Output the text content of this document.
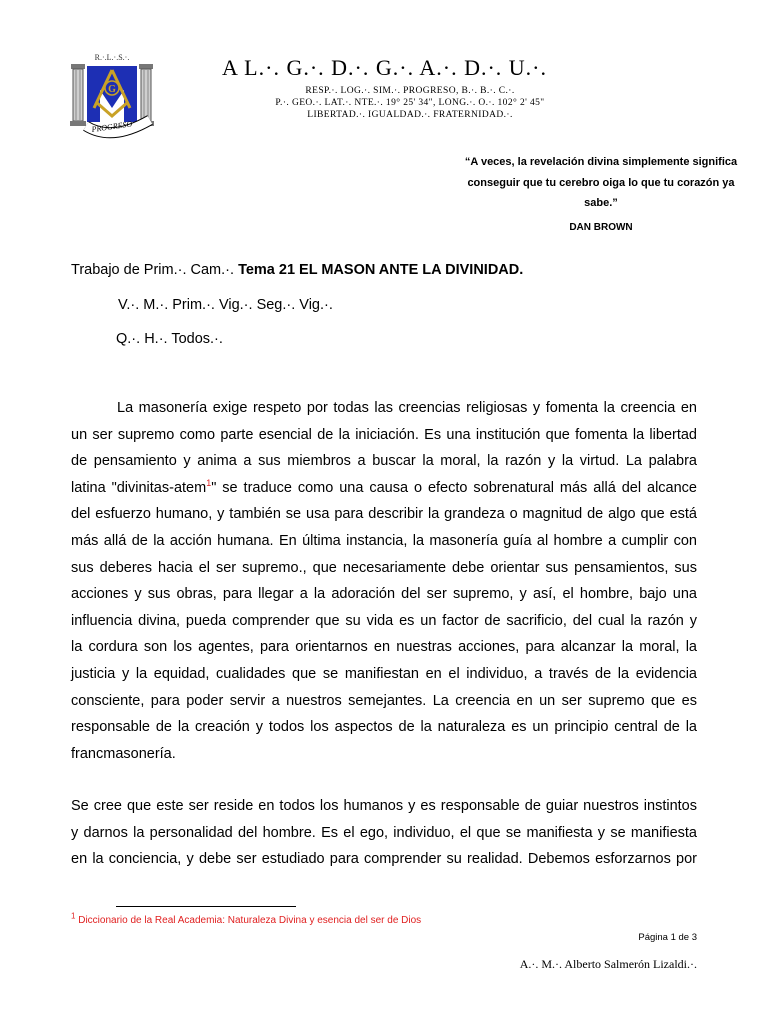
R.·.L.·.S.·.
G
PROGRESO
A L.·. G.·. D.·. G.·. A.·. D.·. U.·.
RESP.·. LOG.·. SIM.·. PROGRESO, B.·. B.·. C.·.
P.·. GEO.·. LAT.·. NTE.·. 19° 25' 34", LONG.·. O.·. 102° 2' 45"
LIBERTAD.·. IGUALDAD.·. FRATERNIDAD.·.
“A veces, la revelación divina simplemente significa conseguir que tu cerebro oiga lo que tu corazón ya sabe.”
DAN BROWN
Trabajo de Prim.·. Cam.·. Tema 21 EL MASON ANTE LA DIVINIDAD.
V.·. M.·. Prim.·. Vig.·. Seg.·. Vig.·.
Q.·. H.·. Todos.·.
La masonería exige respeto por todas las creencias religiosas y fomenta la creencia en
un ser supremo como parte esencial de la iniciación. Es una institución que fomenta la libertad
de pensamiento y anima a sus miembros a buscar la moral, la razón y la virtud. La palabra
latina "divinitas-atem$^1$" se traduce como una causa o efecto sobrenatural más allá del alcance
del esfuerzo humano, y también se usa para describir la grandeza o magnitud de algo que está
más allá de la acción humana. En última instancia, la masonería guía al hombre a cumplir con
sus deberes hacia el ser supremo., que necesariamente debe orientar sus pensamientos, sus
acciones y sus obras, para llegar a la adoración del ser supremo, y así, el hombre, bajo una
influencia divina, pueda comprender que su vida es un factor de sacrificio, del cual la razón y
la cordura son los agentes, para orientarnos en nuestras acciones, para alcanzar la moral, la
justicia y la equidad, cualidades que se manifiestan en el individuo, a través de la evidencia
consciente, para poder servir a nuestros semejantes. La creencia en un ser supremo que es
responsable de la creación y todos los aspectos de la naturaleza es un principio central de la
francmasonería.
Se cree que este ser reside en todos los humanos y es responsable de guiar nuestros instintos
y darnos la personalidad del hombre. Es el ego, individuo, el que se manifiesta y se manifiesta
en la conciencia, y debe ser estudiado para comprender su realidad. Debemos esforzarnos por
$^1$ Diccionario de la Real Academia: Naturaleza Divina y esencia del ser de Dios
Página 1 de 3
A.·. M.·. Alberto Salmerón Lizaldi.·.
